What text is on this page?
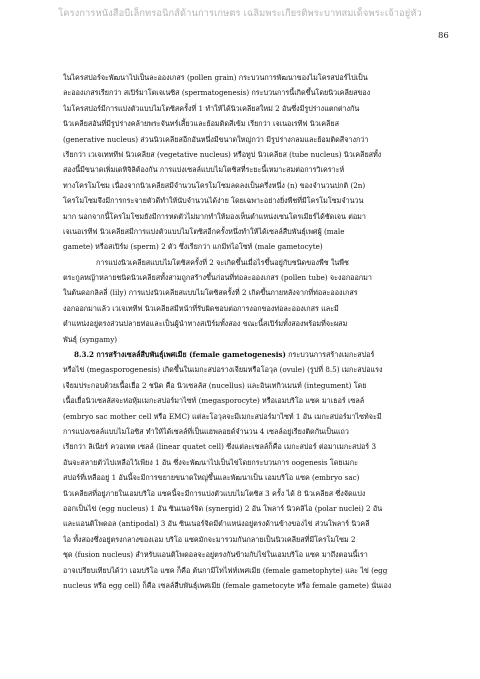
โครงการหนังสือบีเล็กทรอนิกส์ด้านการเกษตร เฉลิมพระเกียรติพระบาทสมเด็จพระเจ้าอยู่หัว
86
ในไครสปอร์จะพัฒนาไปเป็นละอองเกสร (pollen grain) กระบวนการพัฒนาของไมโครสปอร์ไปเป็น
ละอองเกสรเรียกว่า สเปิร์มาโตเจเนซิส (spermatogenesis) กระบวนการนี้เกิดขึ้นโดยนิวเคลียสของ
ไมโครสปอร์มีการแบ่งตัวแบบไมโตซิสครั้งที่ 1 ทำให้ได้นิวเคลียสใหม่ 2 อันซึ่งมีรูปร่างแตกต่างกัน
นิวเคลียสอันที่มีรูปร่างคล้ายพระจันทร์เสี้ยวและย้อมติดสีเข้ม เรียกว่า เจเนอเรทีฟ นิวเคลียส
(generative nucleus) ส่วนนิวเคลียสอีกอันหนึ่งมีขนาดใหญ่กว่า มีรูปร่างกลมและย้อมติดสีจางกว่า
เรียกว่า เวเจเทททีฟ นิวเคลียส (vegetative nucleus) หรือทูป นิวเคลียส (tube nucleus) นิวเคลียสทั้ง
สองนี้มีขนาดเพิ่มเดหิจิลิต้องกัน การแบ่งเซลล์แบบไมโตซิสที่ระยะนี้เหมาะสมต่อการวิเคราะห์
ทางโครโมโซม เนื่องจากนิวเคลียสมีจำนวนโครโมโซมลดลงเป็นครึ่งหนึ่ง (n) ของจำนวนปกติ (2n)
โครโมโซมจึงมีการกระจายตัวดีทำให้นับจำนวนได้ง่าย โดยเฉพาะอย่างยิ่งพืชที่มีโครโมโซมจำนวน
มาก นอกจากนี้โครโมโซมยังมีการหดตัวไม่มากทำให้มองเห็นตำแหน่งเซนโตรเมียร์ได้ชัดเจน ต่อมา
เจเนอเรทีฟ นิวเคลียสมีการแบ่งตัวแบบไมโตซิสอีกครั้งหนึ่งทำให้ได้เซลล์สืบพันธุ์เพศผู้ (male
gamete) หรือสเปิร์ม (sperm) 2 ตัว ซึ่งเรียกว่า แกมีทไอโซท์ (male gametocyte)
การแบ่งนิวเคลียสแบบไมโตซิสครั้งที่ 2 จะเกิดขึ้นเมื่อไรขึ้นอยู่กับชนิดของพืช ในพืช
ตระกูลหญ้าหลายชนิดนิวเคลียสทั้งสามถูกสร้างขึ้นก่อนที่ท่อละอองเกสร (pollen tube) จะงอกออกมา
ในต้นดอกลิลลี่ (lily) การแบ่งนิวเคลียสแบบไมโตซิสครั้งที่ 2 เกิดขึ้นภายหลังจากที่ท่อละอองเกสร
งอกออกมาแล้ว เวเจเททีฟ นิวเคลียสมีหน้าที่รับผิดชอบต่อการงอกของท่อละอองเกสร และมี
ตำแหน่งอยู่ตรงส่วนปลายท่อและเป็นผู้นำทางสเปิร์มทั้งสอง ขณะนี้สเปิร์มทั้งสองพร้อมที่จะผสม
พันธุ์ (syngamy)
8.3.2 การสร้างเซลล์สืบพันธุ์เพศเมีย (female gametogenesis) กระบวนการสร้างเมกะสปอร์
หรือไข่ (megasporogenesis) เกิดขึ้นในเมกะสปอรางเจียมหรือโอวุล (ovule) (รูปที่ 8.5) เมกะสปอแรง
เจียมประกอบด้วยเนื้อเยื่อ 2 ชนิด คือ นิวเซลลัส (nucellus) และอินเทกิวเมนท์ (integument) โดย
เนื้อเยื่อนิวเซลลัสจะห่อหุ้มเมกะสปอร์มาไซท์ (megasporocyte) หรือเอมบริโอ แซค มาเธอร์ เซลล์
(embryo sac mother cell หรือ EMC) แต่ละโอวุลจะมีเมกะสปอร์มาไซท์ 1 อัน เมกะสปอร์มาไซท์จะมี
การแบ่งเซลล์แบบไมโอซิส ทำให้ได้เซลล์ที่เป็นแฮพลอยด์จำนวน 4 เซลล์อยู่เรียงติดกันเป็นแถว
เรียกว่า ลิเนียร์ ควอเทต เซลล์ (linear quatet cell) ซึ่งแต่ละเซลล์ก็คือ เมกะสปอร์ ต่อมาเมกะสปอร์ 3
อันจะสลายตัวไปเหลือไว้เพียง 1 อัน ซึ่งจะพัฒนาไปเป็นไข่โดยกระบวนการ oogenesis โดยเมกะ
สปอร์ที่เหลืออยู่ 1 อันนี้จะมีการขยายขนาดใหญ่ขึ้นและพัฒนาเป็น เอมบริโอ แซค (embryo sac)
นิวเคลียสที่อยู่ภายในเอมบริโอ แซคนี้จะมีการแบ่งตัวแบบไมโตซิส 3 ครั้ง ได้ 8 นิวเคลียส ซึ่งจัดแบ่ง
ออกเป็นไข่ (egg nucleus) 1 อัน ซินเนอร์จิด (synergid) 2 อัน โพลาร์ นิวคลิไอ (polar nuclei) 2 อัน
และแอนติโพดอล (antipodal) 3 อัน ซินเนอร์จิดมีตำแหน่งอยู่ตรงด้านข้างของไข่ ส่วนโพลาร์ นิวคลี
ไอ ทั้งสองซึ่งอยู่ตรงกลางของเอม บริโอ แซคมักจะมารวมกันกลายเป็นนิวเคลียสที่มีโครโมโซม 2
ชุด (fusion nucleus) สำหรับแอนติโพดอลจะอยู่ตรงกันข้ามกับไข่ในเอมบริโอ แซค มาถึงตอนนี้เรา
อาจเปรียบเทียบได้ว่า เอมบริโอ แซค ก็คือ ต้นกามีโทไฟท์เพศเมีย (female gametophyte) และ ไข่ (egg
nucleus หรือ egg cell) ก็คือ เซลล์สืบพันธุ์เพศเมีย (female gametocyte หรือ female gamete) นั่นเอง
